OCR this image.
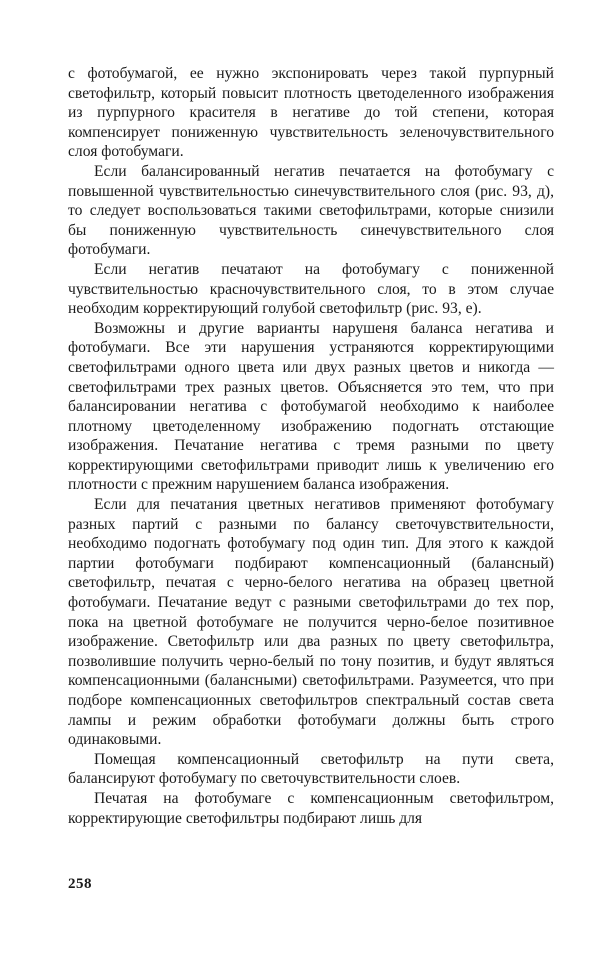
с фотобумагой, ее нужно экспонировать через такой пурпурный светофильтр, который повысит плотность цветоделенного изображения из пурпурного красителя в негативе до той степени, которая компенсирует пониженную чувствительность зеленочувствительного слоя фотобумаги.

Если балансированный негатив печатается на фотобумагу с повышенной чувствительностью синечувствительного слоя (рис. 93, д), то следует воспользоваться такими светофильтрами, которые снизили бы пониженную чувствительность синечувствительного слоя фотобумаги.

Если негатив печатают на фотобумагу с пониженной чувствительностью красночувствительного слоя, то в этом случае необходим корректирующий голубой светофильтр (рис. 93, е).

Возможны и другие варианты нарушеня баланса негатива и фотобумаги. Все эти нарушения устраняются корректирующими светофильтрами одного цвета или двух разных цветов и никогда — светофильтрами трех разных цветов. Объясняется это тем, что при балансировании негатива с фотобумагой необходимо к наиболее плотному цветоделенному изображению подогнать отстающие изображения. Печатание негатива с тремя разными по цвету корректирующими светофильтрами приводит лишь к увеличению его плотности с прежним нарушением баланса изображения.

Если для печатания цветных негативов применяют фотобумагу разных партий с разными по балансу светочувствительности, необходимо подогнать фотобумагу под один тип. Для этого к каждой партии фотобумаги подбирают компенсационный (балансный) светофильтр, печатая с черно-белого негатива на образец цветной фотобумаги. Печатание ведут с разными светофильтрами до тех пор, пока на цветной фотобумаге не получится черно-белое позитивное изображение. Светофильтр или два разных по цвету светофильтра, позволившие получить черно-белый по тону позитив, и будут являться компенсационными (балансными) светофильтрами. Разумеется, что при подборе компенсационных светофильтров спектральный состав света лампы и режим обработки фотобумаги должны быть строго одинаковыми.

Помещая компенсационный светофильтр на пути света, балансируют фотобумагу по светочувствительности слоев.

Печатая на фотобумаге с компенсационным светофильтром, корректирующие светофильтры подбирают лишь для

258
